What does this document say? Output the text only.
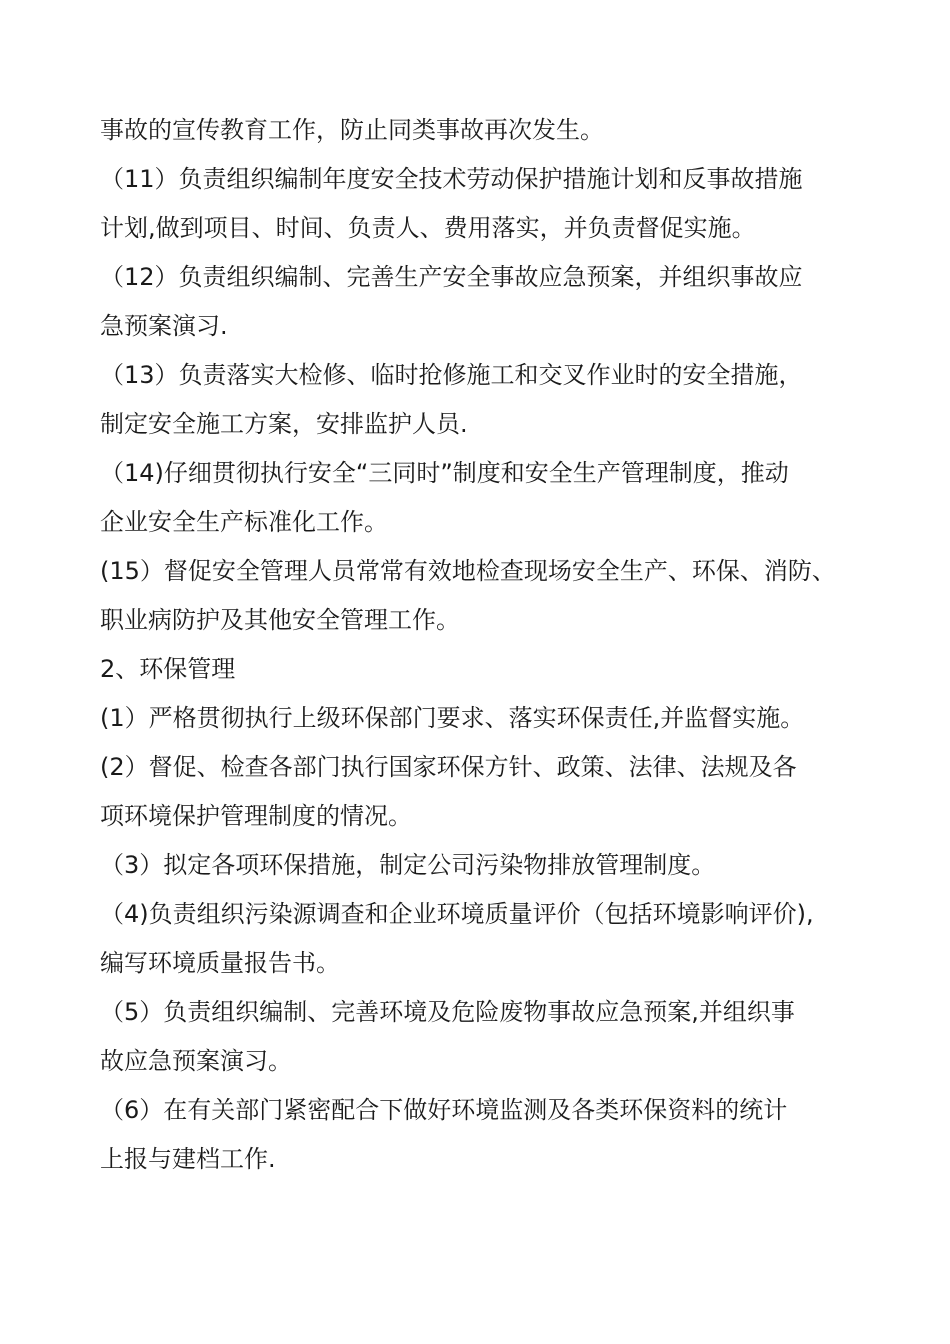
事故的宣传教育工作，防止同类事故再次发生。

（11）负责组织编制年度安全技术劳动保护措施计划和反事故措施

计划,做到项目、时间、负责人、费用落实，并负责督促实施。

（12）负责组织编制、完善生产安全事故应急预案，并组织事故应

急预案演习.

（13）负责落实大检修、临时抢修施工和交叉作业时的安全措施，

制定安全施工方案，安排监护人员.

（14)仔细贯彻执行安全“三同时”制度和安全生产管理制度，推动

企业安全生产标准化工作。

(15）督促安全管理人员常常有效地检查现场安全生产、环保、消防、

职业病防护及其他安全管理工作。

2、环保管理

(1）严格贯彻执行上级环保部门要求、落实环保责任,并监督实施。

(2）督促、检查各部门执行国家环保方针、政策、法律、法规及各

项环境保护管理制度的情况。

（3）拟定各项环保措施，制定公司污染物排放管理制度。

（4)负责组织污染源调查和企业环境质量评价（包括环境影响评价),

编写环境质量报告书。

（5）负责组织编制、完善环境及危险废物事故应急预案,并组织事

故应急预案演习。

（6）在有关部门紧密配合下做好环境监测及各类环保资料的统计

上报与建档工作.
